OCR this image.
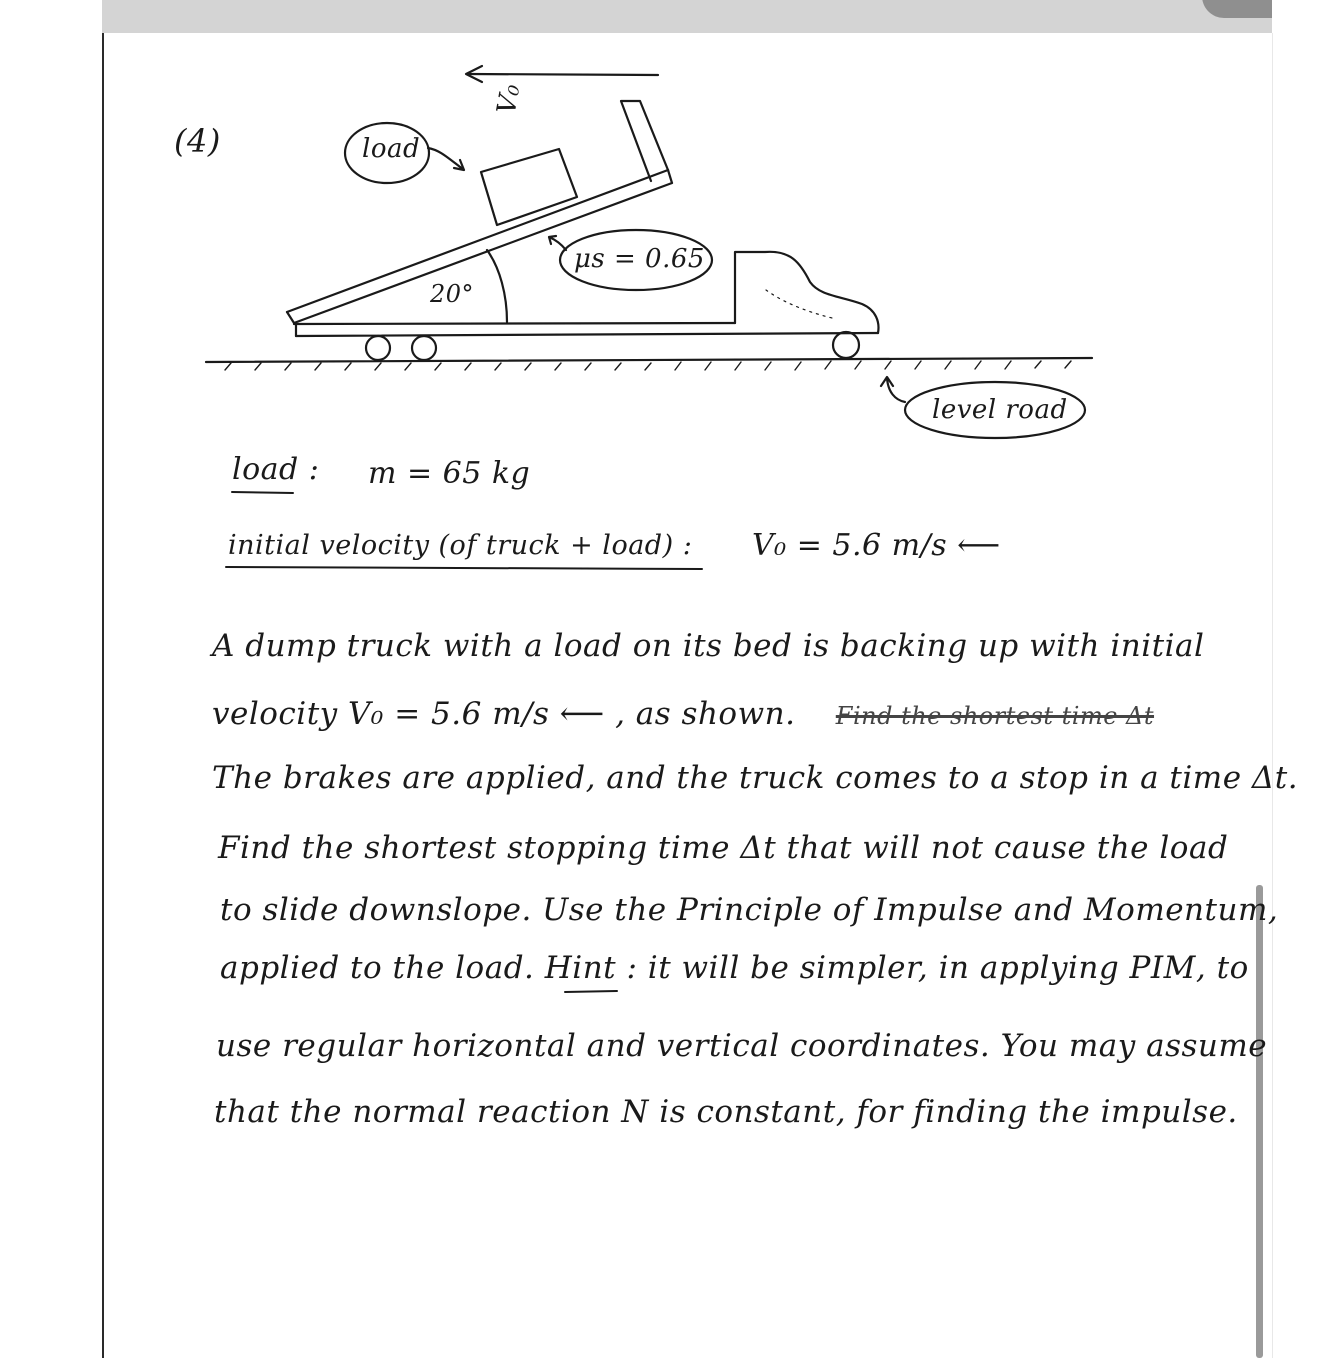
(4)	load
V₀
20°
μs = 0.65
level road
load : m = 65 kg
initial velocity (of truck + load) : V₀ = 5.6 m/s ⟵
A dump truck with a load on its bed is backing up with initial
velocity V₀ = 5.6 m/s ⟵ , as shown. Find the shortest time Δt
The brakes are applied, and the truck comes to a stop in a time Δt.
Find the shortest stopping time Δt that will not cause the load
to slide downslope. Use the Principle of Impulse and Momentum,
applied to the load. Hint : it will be simpler, in applying PIM, to
use regular horizontal and vertical coordinates. You may assume
that the normal reaction N is constant, for finding the impulse.
